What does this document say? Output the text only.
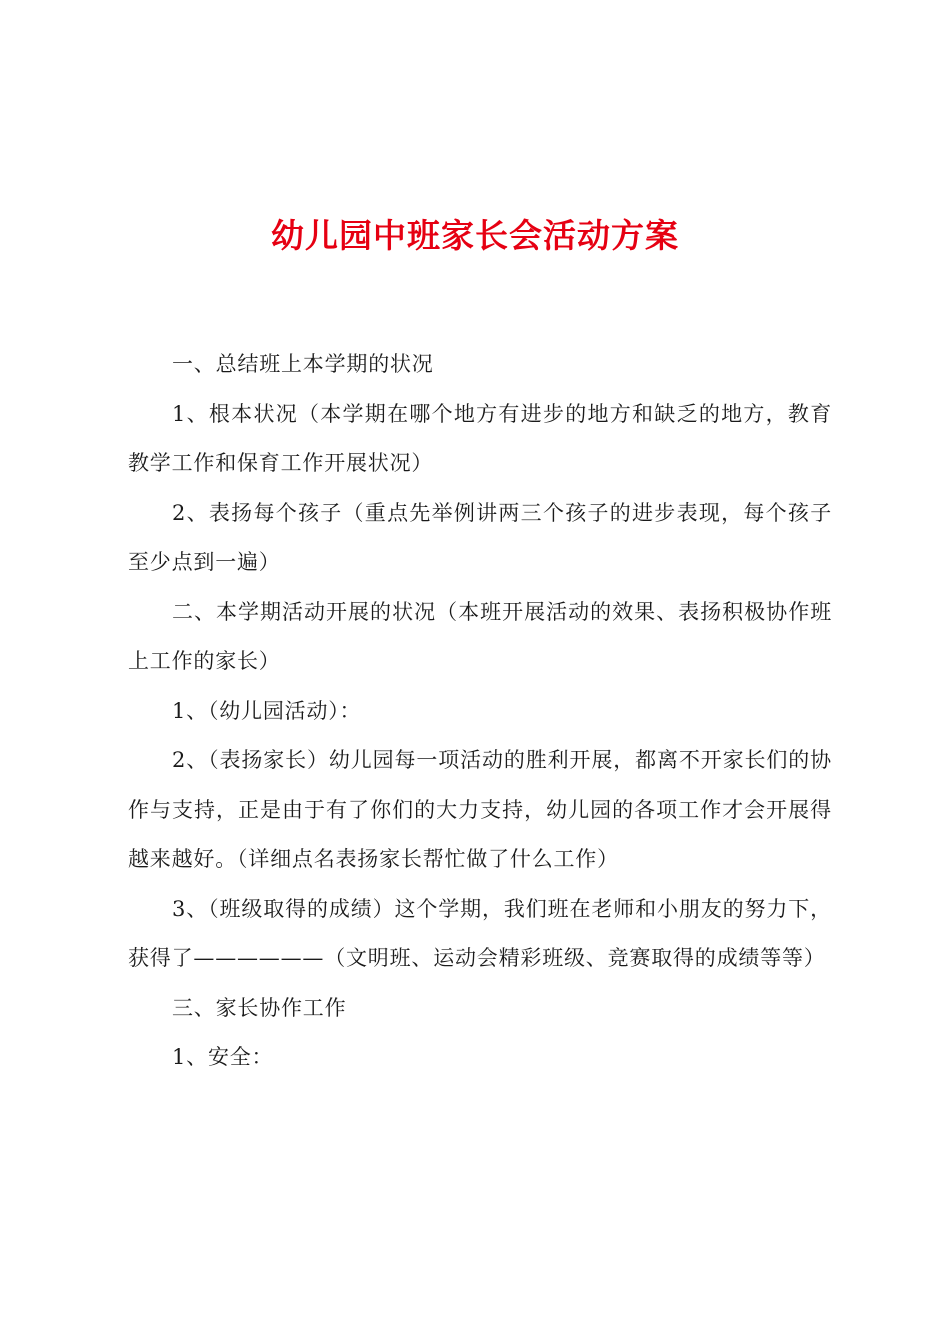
幼儿园中班家长会活动方案

一、总结班上本学期的状况

1、根本状况（本学期在哪个地方有进步的地方和缺乏的地方，教育教学工作和保育工作开展状况）

2、表扬每个孩子（重点先举例讲两三个孩子的进步表现，每个孩子至少点到一遍）

二、本学期活动开展的状况（本班开展活动的效果、表扬积极协作班上工作的家长）

1、（幼儿园活动）：

2、（表扬家长）幼儿园每一项活动的胜利开展，都离不开家长们的协作与支持，正是由于有了你们的大力支持，幼儿园的各项工作才会开展得越来越好。（详细点名表扬家长帮忙做了什么工作）

3、（班级取得的成绩）这个学期，我们班在老师和小朋友的努力下，获得了——————（文明班、运动会精彩班级、竞赛取得的成绩等等）

三、家长协作工作

1、安全：
